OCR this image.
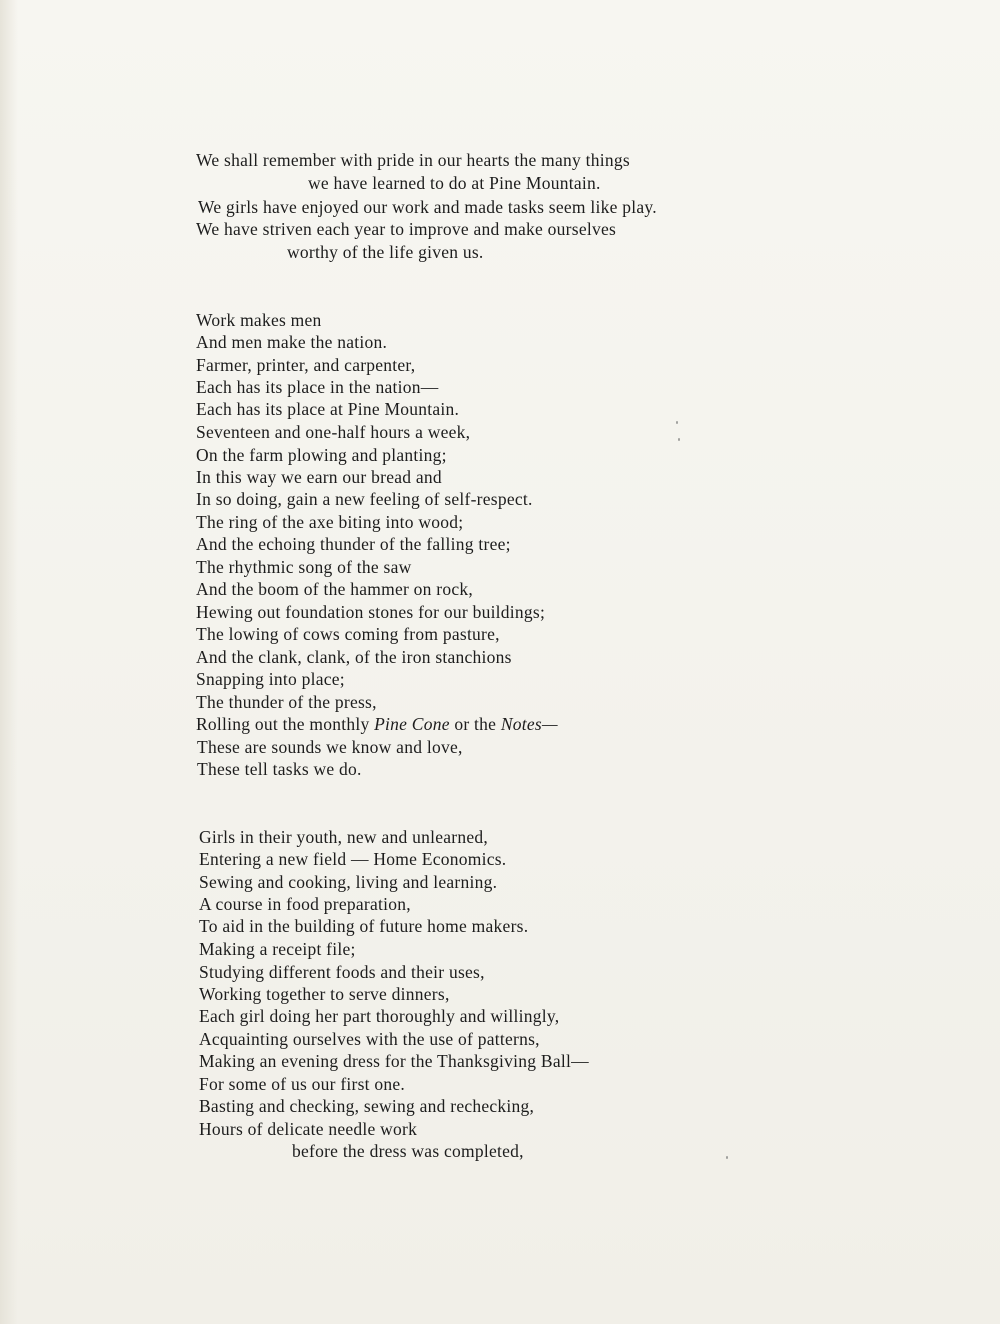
We shall remember with pride in our hearts the many things
we have learned to do at Pine Mountain.
We girls have enjoyed our work and made tasks seem like play.
We have striven each year to improve and make ourselves
worthy of the life given us.
Work makes men
And men make the nation.
Farmer, printer, and carpenter,
Each has its place in the nation—
Each has its place at Pine Mountain.
Seventeen and one-half hours a week,
On the farm plowing and planting;
In this way we earn our bread and
In so doing, gain a new feeling of self-respect.
The ring of the axe biting into wood;
And the echoing thunder of the falling tree;
The rhythmic song of the saw
And the boom of the hammer on rock,
Hewing out foundation stones for our buildings;
The lowing of cows coming from pasture,
And the clank, clank, of the iron stanchions
Snapping into place;
The thunder of the press,
Rolling out the monthly Pine Cone or the Notes—
These are sounds we know and love,
These tell tasks we do.
Girls in their youth, new and unlearned,
Entering a new field — Home Economics.
Sewing and cooking, living and learning.
A course in food preparation,
To aid in the building of future home makers.
Making a receipt file;
Studying different foods and their uses,
Working together to serve dinners,
Each girl doing her part thoroughly and willingly,
Acquainting ourselves with the use of patterns,
Making an evening dress for the Thanksgiving Ball—
For some of us our first one.
Basting and checking, sewing and rechecking,
Hours of delicate needle work
before the dress was completed,
